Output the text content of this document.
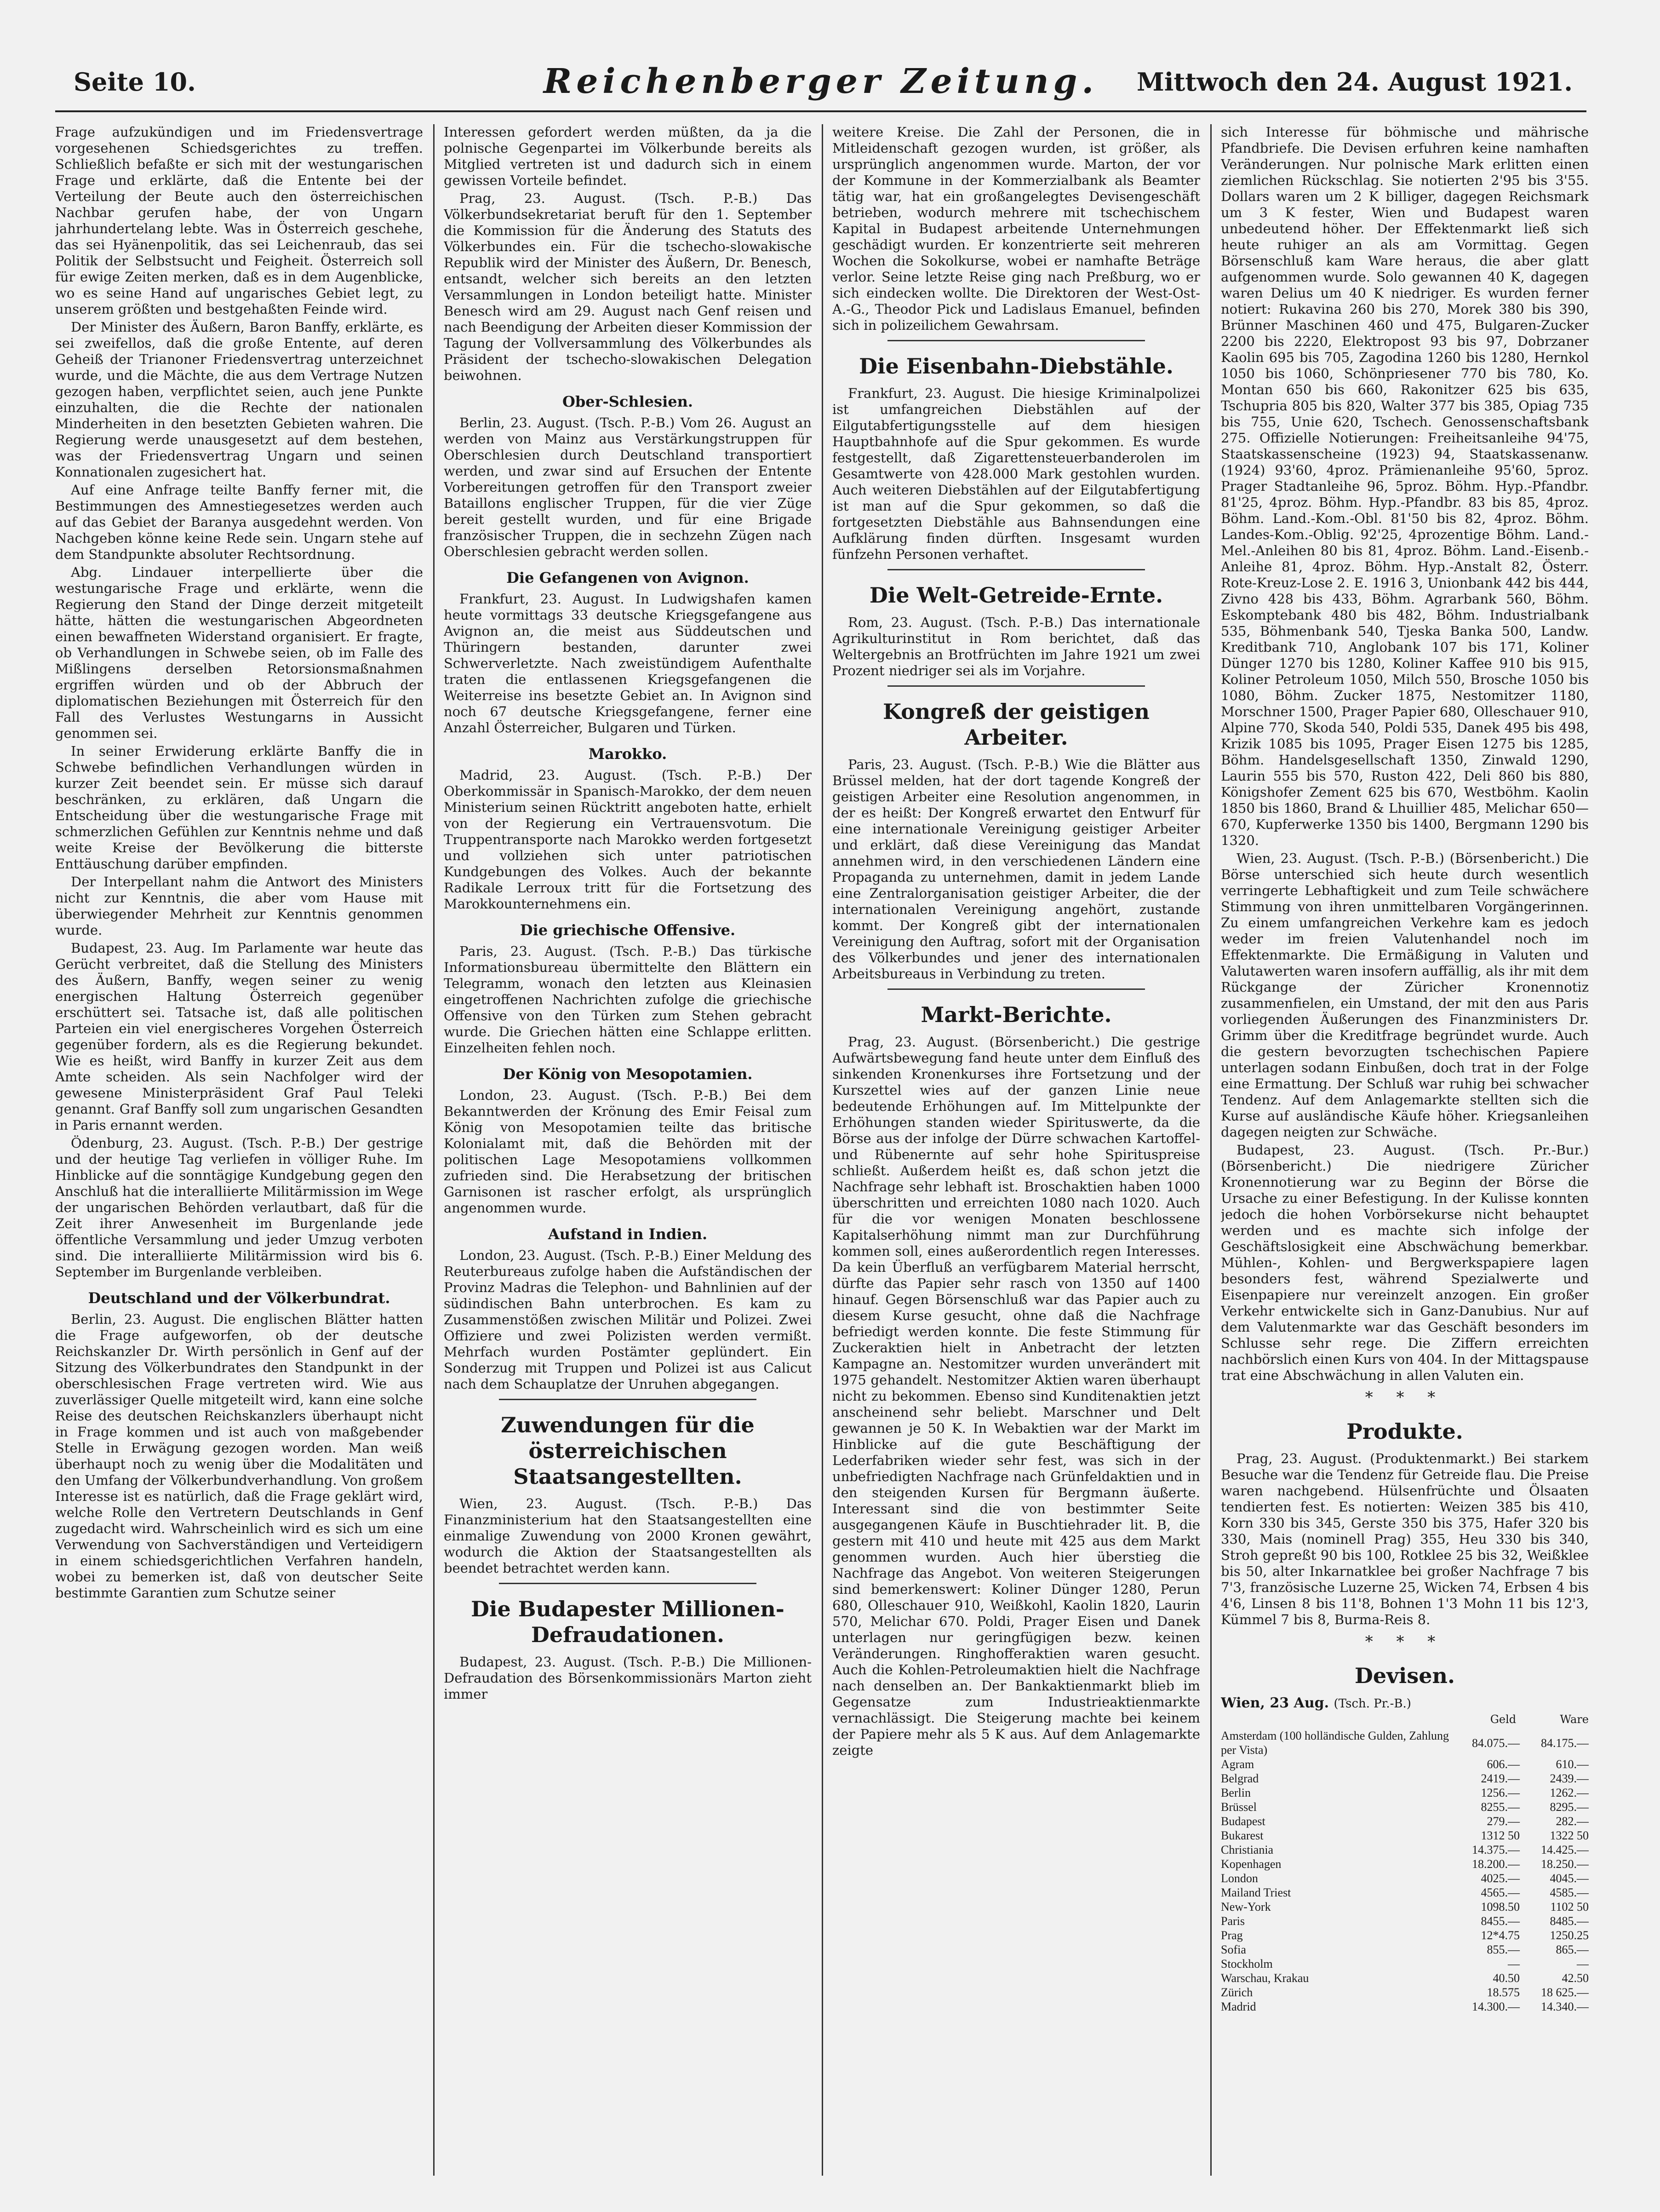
Seite 10.	Reichenberger Zeitung.	Mittwoch den 24. August 1921.

Frage aufzukündigen und im Friedensvertrage vorgesehenen Schiedsgerichtes zu treffen. Schließlich befaßte er sich mit der westungarischen Frage und erklärte, daß die Entente bei der Verteilung der Beute auch den österreichischen Nachbar gerufen habe, der von Ungarn jahrhundertelang lebte. Was in Österreich geschehe, das sei Hyänenpolitik, das sei Leichenraub, das sei Politik der Selbstsucht und Feigheit. Österreich soll für ewige Zeiten merken, daß es in dem Augenblicke, wo es seine Hand auf ungarisches Gebiet legt, zu unserem größten und bestgehaßten Feinde wird.

Der Minister des Äußern, Baron Banffy, erklärte, es sei zweifellos, daß die große Entente, auf deren Geheiß der Trianoner Friedensvertrag unterzeichnet wurde, und die Mächte, die aus dem Vertrage Nutzen gezogen haben, verpflichtet seien, auch jene Punkte einzuhalten, die die Rechte der nationalen Minderheiten in den besetzten Gebieten wahren. Die Regierung werde unausgesetzt auf dem bestehen, was der Friedensvertrag Ungarn und seinen Konnationalen zugesichert hat.

Auf eine Anfrage teilte Banffy ferner mit, die Bestimmungen des Amnestiegesetzes werden auch auf das Gebiet der Baranya ausgedehnt werden. Von Nachgeben könne keine Rede sein. Ungarn stehe auf dem Standpunkte absoluter Rechtsordnung.

Abg. Lindauer interpellierte über die westungarische Frage und erklärte, wenn die Regierung den Stand der Dinge derzeit mitgeteilt hätte, hätten die westungarischen Abgeordneten einen bewaffneten Widerstand organisiert. Er fragte, ob Verhandlungen in Schwebe seien, ob im Falle des Mißlingens derselben Retorsionsmaßnahmen ergriffen würden und ob der Abbruch der diplomatischen Beziehungen mit Österreich für den Fall des Verlustes Westungarns in Aussicht genommen sei.

In seiner Erwiderung erklärte Banffy die in Schwebe befindlichen Verhandlungen würden in kurzer Zeit beendet sein. Er müsse sich darauf beschränken, zu erklären, daß Ungarn die Entscheidung über die westungarische Frage mit schmerzlichen Gefühlen zur Kenntnis nehme und daß weite Kreise der Bevölkerung die bitterste Enttäuschung darüber empfinden.

Der Interpellant nahm die Antwort des Ministers nicht zur Kenntnis, die aber vom Hause mit überwiegender Mehrheit zur Kenntnis genommen wurde.

Budapest, 23. Aug. Im Parlamente war heute das Gerücht verbreitet, daß die Stellung des Ministers des Äußern, Banffy, wegen seiner zu wenig energischen Haltung Österreich gegenüber erschüttert sei. Tatsache ist, daß alle politischen Parteien ein viel energischeres Vorgehen Österreich gegenüber fordern, als es die Regierung bekundet. Wie es heißt, wird Banffy in kurzer Zeit aus dem Amte scheiden. Als sein Nachfolger wird der gewesene Ministerpräsident Graf Paul Teleki genannt. Graf Banffy soll zum ungarischen Gesandten in Paris ernannt werden.

Ödenburg, 23. August. (Tsch. P.-B.) Der gestrige und der heutige Tag verliefen in völliger Ruhe. Im Hinblicke auf die sonntägige Kundgebung gegen den Anschluß hat die interalliierte Militärmission im Wege der ungarischen Behörden verlautbart, daß für die Zeit ihrer Anwesenheit im Burgenlande jede öffentliche Versammlung und jeder Umzug verboten sind. Die interalliierte Militärmission wird bis 6. September im Burgenlande verbleiben.

Deutschland und der Völkerbundrat.

Berlin, 23. August. Die englischen Blätter hatten die Frage aufgeworfen, ob der deutsche Reichskanzler Dr. Wirth persönlich in Genf auf der Sitzung des Völkerbundrates den Standpunkt in der oberschlesischen Frage vertreten wird. Wie aus zuverlässiger Quelle mitgeteilt wird, kann eine solche Reise des deutschen Reichskanzlers überhaupt nicht in Frage kommen und ist auch von maßgebender Stelle in Erwägung gezogen worden. Man weiß überhaupt noch zu wenig über die Modalitäten und den Umfang der Völkerbundverhandlung. Von großem Interesse ist es natürlich, daß die Frage geklärt wird, welche Rolle den Vertretern Deutschlands in Genf zugedacht wird. Wahrscheinlich wird es sich um eine Verwendung von Sachverständigen und Verteidigern in einem schiedsgerichtlichen Verfahren handeln, wobei zu bemerken ist, daß von deutscher Seite bestimmte Garantien zum Schutze seiner

Interessen gefordert werden müßten, da ja die polnische Gegenpartei im Völkerbunde bereits als Mitglied vertreten ist und dadurch sich in einem gewissen Vorteile befindet.

Prag, 23. August. (Tsch. P.-B.) Das Völkerbundsekretariat beruft für den 1. September die Kommission für die Änderung des Statuts des Völkerbundes ein. Für die tschecho-slowakische Republik wird der Minister des Äußern, Dr. Benesch, entsandt, welcher sich bereits an den letzten Versammlungen in London beteiligt hatte. Minister Benesch wird am 29. August nach Genf reisen und nach Beendigung der Arbeiten dieser Kommission der Tagung der Vollversammlung des Völkerbundes als Präsident der tschecho-slowakischen Delegation beiwohnen.

Ober-Schlesien.

Berlin, 23. August. (Tsch. P.-B.) Vom 26. August an werden von Mainz aus Verstärkungstruppen für Oberschlesien durch Deutschland transportiert werden, und zwar sind auf Ersuchen der Entente Vorbereitungen getroffen für den Transport zweier Bataillons englischer Truppen, für die vier Züge bereit gestellt wurden, und für eine Brigade französischer Truppen, die in sechzehn Zügen nach Oberschlesien gebracht werden sollen.

Die Gefangenen von Avignon.

Frankfurt, 23. August. In Ludwigshafen kamen heute vormittags 33 deutsche Kriegsgefangene aus Avignon an, die meist aus Süddeutschen und Thüringern bestanden, darunter zwei Schwerverletzte. Nach zweistündigem Aufenthalte traten die entlassenen Kriegsgefangenen die Weiterreise ins besetzte Gebiet an. In Avignon sind noch 67 deutsche Kriegsgefangene, ferner eine Anzahl Österreicher, Bulgaren und Türken.

Marokko.

Madrid, 23. August. (Tsch. P.-B.) Der Oberkommissär in Spanisch-Marokko, der dem neuen Ministerium seinen Rücktritt angeboten hatte, erhielt von der Regierung ein Vertrauensvotum. Die Truppentransporte nach Marokko werden fortgesetzt und vollziehen sich unter patriotischen Kundgebungen des Volkes. Auch der bekannte Radikale Lerroux tritt für die Fortsetzung des Marokkounternehmens ein.

Die griechische Offensive.

Paris, 23. August. (Tsch. P.-B.) Das türkische Informationsbureau übermittelte den Blättern ein Telegramm, wonach den letzten aus Kleinasien eingetroffenen Nachrichten zufolge die griechische Offensive von den Türken zum Stehen gebracht wurde. Die Griechen hätten eine Schlappe erlitten. Einzelheiten fehlen noch.

Der König von Mesopotamien.

London, 23. August. (Tsch. P.-B.) Bei dem Bekanntwerden der Krönung des Emir Feisal zum König von Mesopotamien teilte das britische Kolonialamt mit, daß die Behörden mit der politischen Lage Mesopotamiens vollkommen zufrieden sind. Die Herabsetzung der britischen Garnisonen ist rascher erfolgt, als ursprünglich angenommen wurde.

Aufstand in Indien.

London, 23. August. (Tsch. P.-B.) Einer Meldung des Reuterbureaus zufolge haben die Aufständischen der Provinz Madras die Telephon- und Bahnlinien auf der südindischen Bahn unterbrochen. Es kam zu Zusammenstößen zwischen Militär und Polizei. Zwei Offiziere und zwei Polizisten werden vermißt. Mehrfach wurden Postämter geplündert. Ein Sonderzug mit Truppen und Polizei ist aus Calicut nach dem Schauplatze der Unruhen abgegangen.

Zuwendungen für die österreichischen Staatsangestellten.

Wien, 23. August. (Tsch. P.-B.) Das Finanzministerium hat den Staatsangestellten eine einmalige Zuwendung von 2000 Kronen gewährt, wodurch die Aktion der Staatsangestellten als beendet betrachtet werden kann.

Die Budapester Millionen-Defraudationen.

Budapest, 23. August. (Tsch. P.-B.) Die Millionen-Defraudation des Börsenkommissionärs Marton zieht immer

weitere Kreise. Die Zahl der Personen, die in Mitleidenschaft gezogen wurden, ist größer, als ursprünglich angenommen wurde. Marton, der vor der Kommune in der Kommerzialbank als Beamter tätig war, hat ein großangelegtes Devisengeschäft betrieben, wodurch mehrere mit tschechischem Kapital in Budapest arbeitende Unternehmungen geschädigt wurden. Er konzentrierte seit mehreren Wochen die Sokolkurse, wobei er namhafte Beträge verlor. Seine letzte Reise ging nach Preßburg, wo er sich eindecken wollte. Die Direktoren der West-Ost-A.-G., Theodor Pick und Ladislaus Emanuel, befinden sich in polizeilichem Gewahrsam.

Die Eisenbahn-Diebstähle.

Frankfurt, 23. August. Die hiesige Kriminalpolizei ist umfangreichen Diebstählen auf der Eilgutabfertigungsstelle auf dem hiesigen Hauptbahnhofe auf die Spur gekommen. Es wurde festgestellt, daß Zigarettensteuerbanderolen im Gesamtwerte von 428.000 Mark gestohlen wurden. Auch weiteren Diebstählen auf der Eilgutabfertigung ist man auf die Spur gekommen, so daß die fortgesetzten Diebstähle aus Bahnsendungen eine Aufklärung finden dürften. Insgesamt wurden fünfzehn Personen verhaftet.

Die Welt-Getreide-Ernte.

Rom, 23. August. (Tsch. P.-B.) Das internationale Agrikulturinstitut in Rom berichtet, daß das Weltergebnis an Brotfrüchten im Jahre 1921 um zwei Prozent niedriger sei als im Vorjahre.

Kongreß der geistigen Arbeiter.

Paris, 23. August. (Tsch. P.-B.) Wie die Blätter aus Brüssel melden, hat der dort tagende Kongreß der geistigen Arbeiter eine Resolution angenommen, in der es heißt: Der Kongreß erwartet den Entwurf für eine internationale Vereinigung geistiger Arbeiter und erklärt, daß diese Vereinigung das Mandat annehmen wird, in den verschiedenen Ländern eine Propaganda zu unternehmen, damit in jedem Lande eine Zentralorganisation geistiger Arbeiter, die der internationalen Vereinigung angehört, zustande kommt. Der Kongreß gibt der internationalen Vereinigung den Auftrag, sofort mit der Organisation des Völkerbundes und jener des internationalen Arbeitsbureaus in Verbindung zu treten.

Markt-Berichte.

Prag, 23. August. (Börsenbericht.) Die gestrige Aufwärtsbewegung fand heute unter dem Einfluß des sinkenden Kronenkurses ihre Fortsetzung und der Kurszettel wies auf der ganzen Linie neue bedeutende Erhöhungen auf. Im Mittelpunkte der Erhöhungen standen wieder Spirituswerte, da die Börse aus der infolge der Dürre schwachen Kartoffel- und Rübenernte auf sehr hohe Spirituspreise schließt. Außerdem heißt es, daß schon jetzt die Nachfrage sehr lebhaft ist. Broschaktien haben 1000 überschritten und erreichten 1080 nach 1020. Auch für die vor wenigen Monaten beschlossene Kapitalserhöhung nimmt man zur Durchführung kommen soll, eines außerordentlich regen Interesses. Da kein Überfluß an verfügbarem Material herrscht, dürfte das Papier sehr rasch von 1350 auf 1400 hinauf. Gegen Börsenschluß war das Papier auch zu diesem Kurse gesucht, ohne daß die Nachfrage befriedigt werden konnte. Die feste Stimmung für Zuckeraktien hielt in Anbetracht der letzten Kampagne an. Nestomitzer wurden unverändert mit 1975 gehandelt. Nestomitzer Aktien waren überhaupt nicht zu bekommen. Ebenso sind Kunditenaktien jetzt anscheinend sehr beliebt. Marschner und Delt gewannen je 50 K. In Webaktien war der Markt im Hinblicke auf die gute Beschäftigung der Lederfabriken wieder sehr fest, was sich in der unbefriedigten Nachfrage nach Grünfeldaktien und in den steigenden Kursen für Bergmann äußerte. Interessant sind die von bestimmter Seite ausgegangenen Käufe in Buschtiehrader lit. B, die gestern mit 410 und heute mit 425 aus dem Markt genommen wurden. Auch hier überstieg die Nachfrage das Angebot. Von weiteren Steigerungen sind bemerkenswert: Koliner Dünger 1280, Perun 680, Olleschauer 910, Weißkohl, Kaolin 1820, Laurin 570, Melichar 670. Poldi, Prager Eisen und Danek unterlagen nur geringfügigen bezw. keinen Veränderungen. Ringhofferaktien waren gesucht. Auch die Kohlen-Petroleumaktien hielt die Nachfrage nach denselben an. Der Bankaktienmarkt blieb im Gegensatze zum Industrieaktienmarkte vernachlässigt. Die Steigerung machte bei keinem der Papiere mehr als 5 K aus. Auf dem Anlagemarkte zeigte

sich Interesse für böhmische und mährische Pfandbriefe. Die Devisen erfuhren keine namhaften Veränderungen. Nur polnische Mark erlitten einen ziemlichen Rückschlag. Sie notierten 2'95 bis 3'55. Dollars waren um 2 K billiger, dagegen Reichsmark um 3 K fester, Wien und Budapest waren unbedeutend höher. Der Effektenmarkt ließ sich heute ruhiger an als am Vormittag. Gegen Börsenschluß kam Ware heraus, die aber glatt aufgenommen wurde. Solo gewannen 40 K, dagegen waren Delius um 40 K niedriger. Es wurden ferner notiert: Rukavina 260 bis 270, Morek 380 bis 390, Brünner Maschinen 460 und 475, Bulgaren-Zucker 2200 bis 2220, Elektropost 93 bis 97, Dobrzaner Kaolin 695 bis 705, Zagodina 1260 bis 1280, Hernkol 1050 bis 1060, Schönpriesener 770 bis 780, Ko. Montan 650 bis 660, Rakonitzer 625 bis 635, Tschupria 805 bis 820, Walter 377 bis 385, Opiag 735 bis 755, Unie 620, Tschech. Genossenschaftsbank 275. Offizielle Notierungen: Freiheitsanleihe 94'75, Staatskassenscheine (1923) 94, Staatskassenanw. (1924) 93'60, 4proz. Prämienanleihe 95'60, 5proz. Prager Stadtanleihe 96, 5proz. Böhm. Hyp.-Pfandbr. 81'25, 4proz. Böhm. Hyp.-Pfandbr. 83 bis 85, 4proz. Böhm. Land.-Kom.-Obl. 81'50 bis 82, 4proz. Böhm. Landes-Kom.-Oblig. 92'25, 4prozentige Böhm. Land.-Mel.-Anleihen 80 bis 81, 4proz. Böhm. Land.-Eisenb.-Anleihe 81, 4proz. Böhm. Hyp.-Anstalt 82, Österr. Rote-Kreuz-Lose 2. E. 1916 3, Unionbank 442 bis 444, Zivno 428 bis 433, Böhm. Agrarbank 560, Böhm. Eskomptebank 480 bis 482, Böhm. Industrialbank 535, Böhmenbank 540, Tjeska Banka 500, Landw. Kreditbank 710, Anglobank 107 bis 171, Koliner Dünger 1270 bis 1280, Koliner Kaffee 910 bis 915, Koliner Petroleum 1050, Milch 550, Brosche 1050 bis 1080, Böhm. Zucker 1875, Nestomitzer 1180, Morschner 1500, Prager Papier 680, Olleschauer 910, Alpine 770, Skoda 540, Poldi 535, Danek 495 bis 498, Krizik 1085 bis 1095, Prager Eisen 1275 bis 1285, Böhm. Handelsgesellschaft 1350, Zinwald 1290, Laurin 555 bis 570, Ruston 422, Deli 860 bis 880, Königshofer Zement 625 bis 670, Westböhm. Kaolin 1850 bis 1860, Brand & Lhuillier 485, Melichar 650—670, Kupferwerke 1350 bis 1400, Bergmann 1290 bis 1320.

Wien, 23. August. (Tsch. P.-B.) (Börsenbericht.) Die Börse unterschied sich heute durch wesentlich verringerte Lebhaftigkeit und zum Teile schwächere Stimmung von ihren unmittelbaren Vorgängerinnen. Zu einem umfangreichen Verkehre kam es jedoch weder im freien Valutenhandel noch im Effektenmarkte. Die Ermäßigung in Valuten und Valutawerten waren insofern auffällig, als ihr mit dem Rückgange der Züricher Kronennotiz zusammenfielen, ein Umstand, der mit den aus Paris vorliegenden Äußerungen des Finanzministers Dr. Grimm über die Kreditfrage begründet wurde. Auch die gestern bevorzugten tschechischen Papiere unterlagen sodann Einbußen, doch trat in der Folge eine Ermattung. Der Schluß war ruhig bei schwacher Tendenz. Auf dem Anlagemarkte stellten sich die Kurse auf ausländische Käufe höher. Kriegsanleihen dagegen neigten zur Schwäche.

Budapest, 23. August. (Tsch. Pr.-Bur.) (Börsenbericht.) Die niedrigere Züricher Kronennotierung war zu Beginn der Börse die Ursache zu einer Befestigung. In der Kulisse konnten jedoch die hohen Vorbörsekurse nicht behauptet werden und es machte sich infolge der Geschäftslosigkeit eine Abschwächung bemerkbar. Mühlen-, Kohlen- und Bergwerkspapiere lagen besonders fest, während Spezialwerte und Eisenpapiere nur vereinzelt anzogen. Ein großer Verkehr entwickelte sich in Ganz-Danubius. Nur auf dem Valutenmarkte war das Geschäft besonders im Schlusse sehr rege. Die Ziffern erreichten nachbörslich einen Kurs von 404. In der Mittagspause trat eine Abschwächung in allen Valuten ein.

* * *
Produkte.

Prag, 23. August. (Produktenmarkt.) Bei starkem Besuche war die Tendenz für Getreide flau. Die Preise waren nachgebend. Hülsenfrüchte und Ölsaaten tendierten fest. Es notierten: Weizen 385 bis 410, Korn 330 bis 345, Gerste 350 bis 375, Hafer 320 bis 330, Mais (nominell Prag) 355, Heu 330 bis 340, Stroh gepreßt 90 bis 100, Rotklee 25 bis 32, Weißklee bis 50, alter Inkarnatklee bei großer Nachfrage 7 bis 7'3, französische Luzerne 25, Wicken 74, Erbsen 4 bis 4'6, Linsen 8 bis 11'8, Bohnen 1'3 Mohn 11 bis 12'3, Kümmel 7 bis 8, Burma-Reis 8.

* * *
Devisen.
Wien, 23 Aug. (Tsch. Pr.-B.)
Geld	Ware
Amsterdam (100 holländische Gulden, Zahlung per Vista)	84.075.—	84.175.—
Agram	606.—	610.—
Belgrad	2419.—	2439.—
Berlin	1256.—	1262.—
Brüssel	8255.—	8295.—
Budapest	279.—	282.—
Bukarest	1312 50	1322 50
Christiania	14.375.—	14.425.—
Kopenhagen	18.200.—	18.250.—
London	4025.—	4045.—
Mailand Triest	4565.—	4585.—
New-York	1098.50	1102 50
Paris	8455.—	8485.—
Prag	12*4.75	1250.25
Sofia	855.—	865.—
Stockholm	—	—
Warschau, Krakau	40.50	42.50
Zürich	18.575	18 625.—
Madrid	14.300.—	14.340.—
